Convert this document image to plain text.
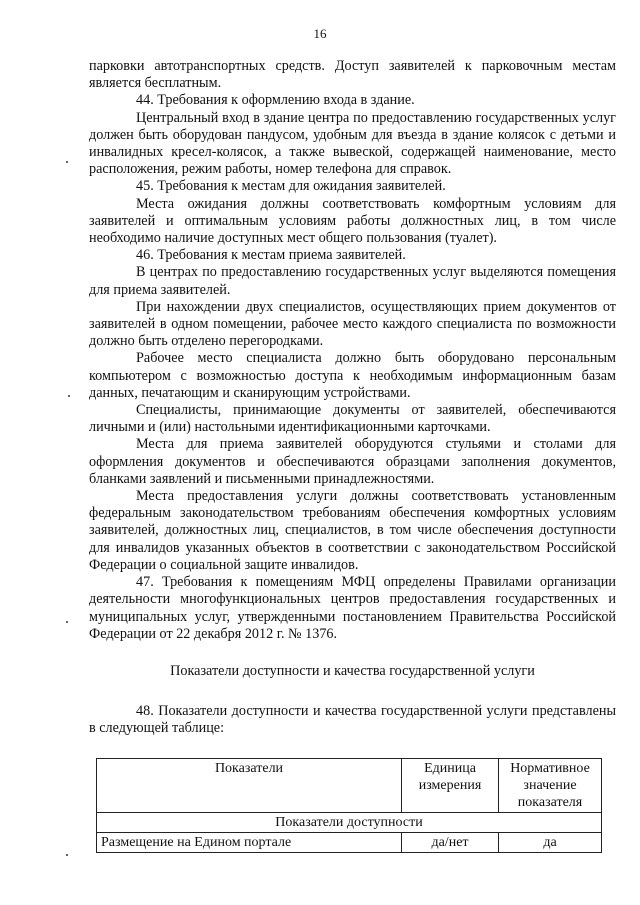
16

парковки автотранспортных средств. Доступ заявителей к парковочным местам является бесплатным.

44. Требования к оформлению входа в здание.

Центральный вход в здание центра по предоставлению государственных услуг должен быть оборудован пандусом, удобным для въезда в здание колясок с детьми и инвалидных кресел-колясок, а также вывеской, содержащей наименование, место расположения, режим работы, номер телефона для справок.

45. Требования к местам для ожидания заявителей.

Места ожидания должны соответствовать комфортным условиям для заявителей и оптимальным условиям работы должностных лиц, в том числе необходимо наличие доступных мест общего пользования (туалет).

46. Требования к местам приема заявителей.

В центрах по предоставлению государственных услуг выделяются помещения для приема заявителей.

При нахождении двух специалистов, осуществляющих прием документов от заявителей в одном помещении, рабочее место каждого специалиста по возможности должно быть отделено перегородками.

Рабочее место специалиста должно быть оборудовано персональным компьютером с возможностью доступа к необходимым информационным базам данных, печатающим и сканирующим устройствами.

Специалисты, принимающие документы от заявителей, обеспечиваются личными и (или) настольными идентификационными карточками.

Места для приема заявителей оборудуются стульями и столами для оформления документов и обеспечиваются образцами заполнения документов, бланками заявлений и письменными принадлежностями.

Места предоставления услуги должны соответствовать установленным федеральным законодательством требованиям обеспечения комфортных условиям заявителей, должностных лиц, специалистов, в том числе обеспечения доступности для инвалидов указанных объектов в соответствии с законодательством Российской Федерации о социальной защите инвалидов.

47. Требования к помещениям МФЦ определены Правилами организации деятельности многофункциональных центров предоставления государственных и муниципальных услуг, утвержденными постановлением Правительства Российской Федерации от 22 декабря 2012 г. № 1376.

Показатели доступности и качества государственной услуги

48. Показатели доступности и качества государственной услуги представлены в следующей таблице:

Показатели	Единица измерения	Нормативное значение показателя
Показатели доступности		
Размещение на Едином портале	да/нет	да
